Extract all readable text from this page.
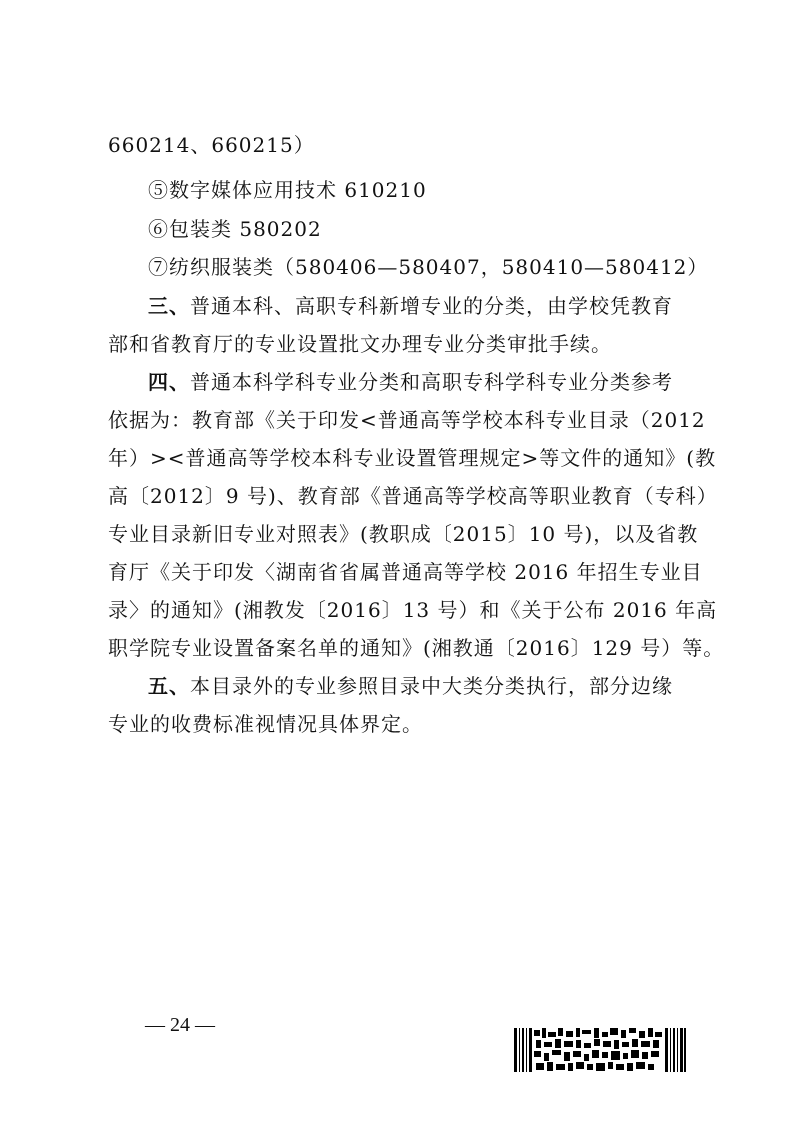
660214、660215）
⑤数字媒体应用技术 610210
⑥包装类 580202
⑦纺织服装类（580406—580407，580410—580412）
三、普通本科、高职专科新增专业的分类，由学校凭教育
部和省教育厅的专业设置批文办理专业分类审批手续。
四、普通本科学科专业分类和高职专科学科专业分类参考
依据为：教育部《关于印发<普通高等学校本科专业目录（2012
年）><普通高等学校本科专业设置管理规定>等文件的通知》(教
高〔2012〕9 号)、教育部《普通高等学校高等职业教育（专科）
专业目录新旧专业对照表》(教职成〔2015〕10 号)，以及省教
育厅《关于印发〈湖南省省属普通高等学校 2016 年招生专业目
录〉的通知》(湘教发〔2016〕13 号）和《关于公布 2016 年高
职学院专业设置备案名单的通知》(湘教通〔2016〕129 号）等。
五、本目录外的专业参照目录中大类分类执行，部分边缘
专业的收费标准视情况具体界定。
— 24 —
